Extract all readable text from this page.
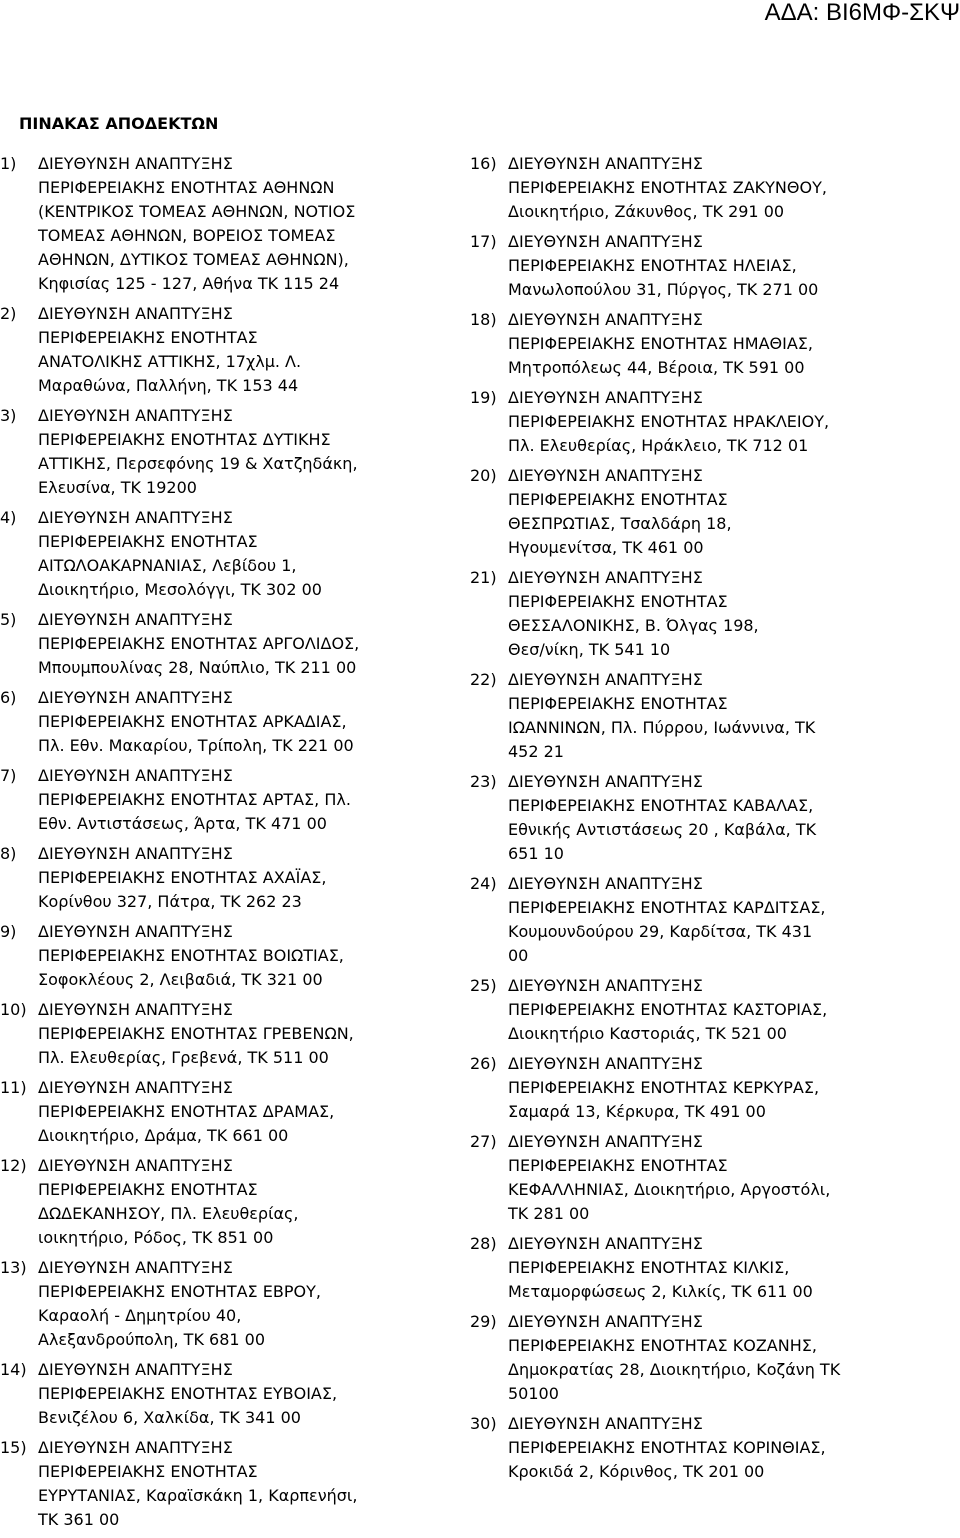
ΑΔΑ: ΒΙ6ΜΦ-ΣΚΨ
ΠΙΝΑΚΑΣ ΑΠΟΔΕΚΤΩΝ
1)	ΔΙΕΥΘΥΝΣΗ ΑΝΑΠΤΥΞΗΣ
ΠΕΡΙΦΕΡΕΙΑΚΗΣ ΕΝΟΤΗΤΑΣ ΑΘΗΝΩΝ
(ΚΕΝΤΡΙΚΟΣ ΤΟΜΕΑΣ ΑΘΗΝΩΝ, ΝΟΤΙΟΣ
ΤΟΜΕΑΣ ΑΘΗΝΩΝ, ΒΟΡΕΙΟΣ ΤΟΜΕΑΣ
ΑΘΗΝΩΝ, ΔΥΤΙΚΟΣ ΤΟΜΕΑΣ ΑΘΗΝΩΝ),
Κηφισίας 125 - 127, Αθήνα ΤΚ 115 24
2)	ΔΙΕΥΘΥΝΣΗ ΑΝΑΠΤΥΞΗΣ
ΠΕΡΙΦΕΡΕΙΑΚΗΣ ΕΝΟΤΗΤΑΣ
ΑΝΑΤΟΛΙΚΗΣ ΑΤΤΙΚΗΣ, 17χλμ. Λ.
Μαραθώνα, Παλλήνη, ΤΚ 153 44
3)	ΔΙΕΥΘΥΝΣΗ ΑΝΑΠΤΥΞΗΣ
ΠΕΡΙΦΕΡΕΙΑΚΗΣ ΕΝΟΤΗΤΑΣ ΔΥΤΙΚΗΣ
ΑΤΤΙΚΗΣ, Περσεφόνης 19 & Χατζηδάκη,
Ελευσίνα, ΤΚ 19200
4)	ΔΙΕΥΘΥΝΣΗ ΑΝΑΠΤΥΞΗΣ
ΠΕΡΙΦΕΡΕΙΑΚΗΣ ΕΝΟΤΗΤΑΣ
ΑΙΤΩΛΟΑΚΑΡΝΑΝΙΑΣ, Λεβίδου 1,
Διοικητήριο, Μεσολόγγι, ΤΚ 302 00
5)	ΔΙΕΥΘΥΝΣΗ ΑΝΑΠΤΥΞΗΣ
ΠΕΡΙΦΕΡΕΙΑΚΗΣ ΕΝΟΤΗΤΑΣ ΑΡΓΟΛΙΔΟΣ,
Μπουμπουλίνας 28, Ναύπλιο, ΤΚ 211 00
6)	ΔΙΕΥΘΥΝΣΗ ΑΝΑΠΤΥΞΗΣ
ΠΕΡΙΦΕΡΕΙΑΚΗΣ ΕΝΟΤΗΤΑΣ ΑΡΚΑΔΙΑΣ,
Πλ. Εθν. Μακαρίου, Τρίπολη, ΤΚ 221 00
7)	ΔΙΕΥΘΥΝΣΗ ΑΝΑΠΤΥΞΗΣ
ΠΕΡΙΦΕΡΕΙΑΚΗΣ ΕΝΟΤΗΤΑΣ ΑΡΤΑΣ, Πλ.
Εθν. Αντιστάσεως, Άρτα, ΤΚ 471 00
8)	ΔΙΕΥΘΥΝΣΗ ΑΝΑΠΤΥΞΗΣ
ΠΕΡΙΦΕΡΕΙΑΚΗΣ ΕΝΟΤΗΤΑΣ ΑΧΑΪΑΣ,
Κορίνθου 327, Πάτρα, ΤΚ 262 23
9)	ΔΙΕΥΘΥΝΣΗ ΑΝΑΠΤΥΞΗΣ
ΠΕΡΙΦΕΡΕΙΑΚΗΣ ΕΝΟΤΗΤΑΣ ΒΟΙΩΤΙΑΣ,
Σοφοκλέους 2, Λειβαδιά, ΤΚ 321 00
10) ΔΙΕΥΘΥΝΣΗ ΑΝΑΠΤΥΞΗΣ
ΠΕΡΙΦΕΡΕΙΑΚΗΣ ΕΝΟΤΗΤΑΣ ΓΡΕΒΕΝΩΝ,
Πλ. Ελευθερίας, Γρεβενά, ΤΚ 511 00
11) ΔΙΕΥΘΥΝΣΗ ΑΝΑΠΤΥΞΗΣ
ΠΕΡΙΦΕΡΕΙΑΚΗΣ ΕΝΟΤΗΤΑΣ ΔΡΑΜΑΣ,
Διοικητήριο, Δράμα, ΤΚ 661 00
12) ΔΙΕΥΘΥΝΣΗ ΑΝΑΠΤΥΞΗΣ
ΠΕΡΙΦΕΡΕΙΑΚΗΣ ΕΝΟΤΗΤΑΣ
ΔΩΔΕΚΑΝΗΣΟΥ, Πλ. Ελευθερίας,
ιοικητήριο, Ρόδος, ΤΚ 851 00
13) ΔΙΕΥΘΥΝΣΗ ΑΝΑΠΤΥΞΗΣ
ΠΕΡΙΦΕΡΕΙΑΚΗΣ ΕΝΟΤΗΤΑΣ ΕΒΡΟΥ,
Καραολή - Δημητρίου 40,
Αλεξανδρούπολη, ΤΚ 681 00
14) ΔΙΕΥΘΥΝΣΗ ΑΝΑΠΤΥΞΗΣ
ΠΕΡΙΦΕΡΕΙΑΚΗΣ ΕΝΟΤΗΤΑΣ ΕΥΒΟΙΑΣ,
Βενιζέλου 6, Χαλκίδα, ΤΚ 341 00
15) ΔΙΕΥΘΥΝΣΗ ΑΝΑΠΤΥΞΗΣ
ΠΕΡΙΦΕΡΕΙΑΚΗΣ ΕΝΟΤΗΤΑΣ
ΕΥΡΥΤΑΝΙΑΣ, Καραϊσκάκη 1, Καρπενήσι,
ΤΚ 361 00
16) ΔΙΕΥΘΥΝΣΗ ΑΝΑΠΤΥΞΗΣ
ΠΕΡΙΦΕΡΕΙΑΚΗΣ ΕΝΟΤΗΤΑΣ ΖΑΚΥΝΘΟΥ,
Διοικητήριο, Ζάκυνθος, ΤΚ 291 00
17) ΔΙΕΥΘΥΝΣΗ ΑΝΑΠΤΥΞΗΣ
ΠΕΡΙΦΕΡΕΙΑΚΗΣ ΕΝΟΤΗΤΑΣ ΗΛΕΙΑΣ,
Μανωλοπούλου 31, Πύργος, ΤΚ 271 00
18) ΔΙΕΥΘΥΝΣΗ ΑΝΑΠΤΥΞΗΣ
ΠΕΡΙΦΕΡΕΙΑΚΗΣ ΕΝΟΤΗΤΑΣ ΗΜΑΘΙΑΣ,
Μητροπόλεως 44, Βέροια, ΤΚ 591 00
19) ΔΙΕΥΘΥΝΣΗ ΑΝΑΠΤΥΞΗΣ
ΠΕΡΙΦΕΡΕΙΑΚΗΣ ΕΝΟΤΗΤΑΣ ΗΡΑΚΛΕΙΟΥ,
Πλ. Ελευθερίας, Ηράκλειο, ΤΚ 712 01
20) ΔΙΕΥΘΥΝΣΗ ΑΝΑΠΤΥΞΗΣ
ΠΕΡΙΦΕΡΕΙΑΚΗΣ ΕΝΟΤΗΤΑΣ
ΘΕΣΠΡΩΤΙΑΣ, Τσαλδάρη 18,
Ηγουμενίτσα, ΤΚ 461 00
21) ΔΙΕΥΘΥΝΣΗ ΑΝΑΠΤΥΞΗΣ
ΠΕΡΙΦΕΡΕΙΑΚΗΣ ΕΝΟΤΗΤΑΣ
ΘΕΣΣΑΛΟΝΙΚΗΣ, Β. Όλγας 198,
Θεσ/νίκη, ΤΚ 541 10
22) ΔΙΕΥΘΥΝΣΗ ΑΝΑΠΤΥΞΗΣ
ΠΕΡΙΦΕΡΕΙΑΚΗΣ ΕΝΟΤΗΤΑΣ
ΙΩΑΝΝΙΝΩΝ, Πλ. Πύρρου, Ιωάννινα, ΤΚ
452 21
23) ΔΙΕΥΘΥΝΣΗ ΑΝΑΠΤΥΞΗΣ
ΠΕΡΙΦΕΡΕΙΑΚΗΣ ΕΝΟΤΗΤΑΣ ΚΑΒΑΛΑΣ,
Εθνικής Αντιστάσεως 20 , Καβάλα, ΤΚ
651 10
24) ΔΙΕΥΘΥΝΣΗ ΑΝΑΠΤΥΞΗΣ
ΠΕΡΙΦΕΡΕΙΑΚΗΣ ΕΝΟΤΗΤΑΣ ΚΑΡΔΙΤΣΑΣ,
Κουμουνδούρου 29, Καρδίτσα, ΤΚ 431
00
25) ΔΙΕΥΘΥΝΣΗ ΑΝΑΠΤΥΞΗΣ
ΠΕΡΙΦΕΡΕΙΑΚΗΣ ΕΝΟΤΗΤΑΣ ΚΑΣΤΟΡΙΑΣ,
Διοικητήριο Καστοριάς, ΤΚ 521 00
26) ΔΙΕΥΘΥΝΣΗ ΑΝΑΠΤΥΞΗΣ
ΠΕΡΙΦΕΡΕΙΑΚΗΣ ΕΝΟΤΗΤΑΣ ΚΕΡΚΥΡΑΣ,
Σαμαρά 13, Κέρκυρα, ΤΚ 491 00
27) ΔΙΕΥΘΥΝΣΗ ΑΝΑΠΤΥΞΗΣ
ΠΕΡΙΦΕΡΕΙΑΚΗΣ ΕΝΟΤΗΤΑΣ
ΚΕΦΑΛΛΗΝΙΑΣ, Διοικητήριο, Αργοστόλι,
ΤΚ 281 00
28) ΔΙΕΥΘΥΝΣΗ ΑΝΑΠΤΥΞΗΣ
ΠΕΡΙΦΕΡΕΙΑΚΗΣ ΕΝΟΤΗΤΑΣ ΚΙΛΚΙΣ,
Μεταμορφώσεως 2, Κιλκίς, ΤΚ 611 00
29) ΔΙΕΥΘΥΝΣΗ ΑΝΑΠΤΥΞΗΣ
ΠΕΡΙΦΕΡΕΙΑΚΗΣ ΕΝΟΤΗΤΑΣ ΚΟΖΑΝΗΣ,
Δημοκρατίας 28, Διοικητήριο, Κοζάνη ΤΚ
50100
30) ΔΙΕΥΘΥΝΣΗ ΑΝΑΠΤΥΞΗΣ
ΠΕΡΙΦΕΡΕΙΑΚΗΣ ΕΝΟΤΗΤΑΣ ΚΟΡΙΝΘΙΑΣ,
Κροκιδά 2, Κόρινθος, ΤΚ 201 00
